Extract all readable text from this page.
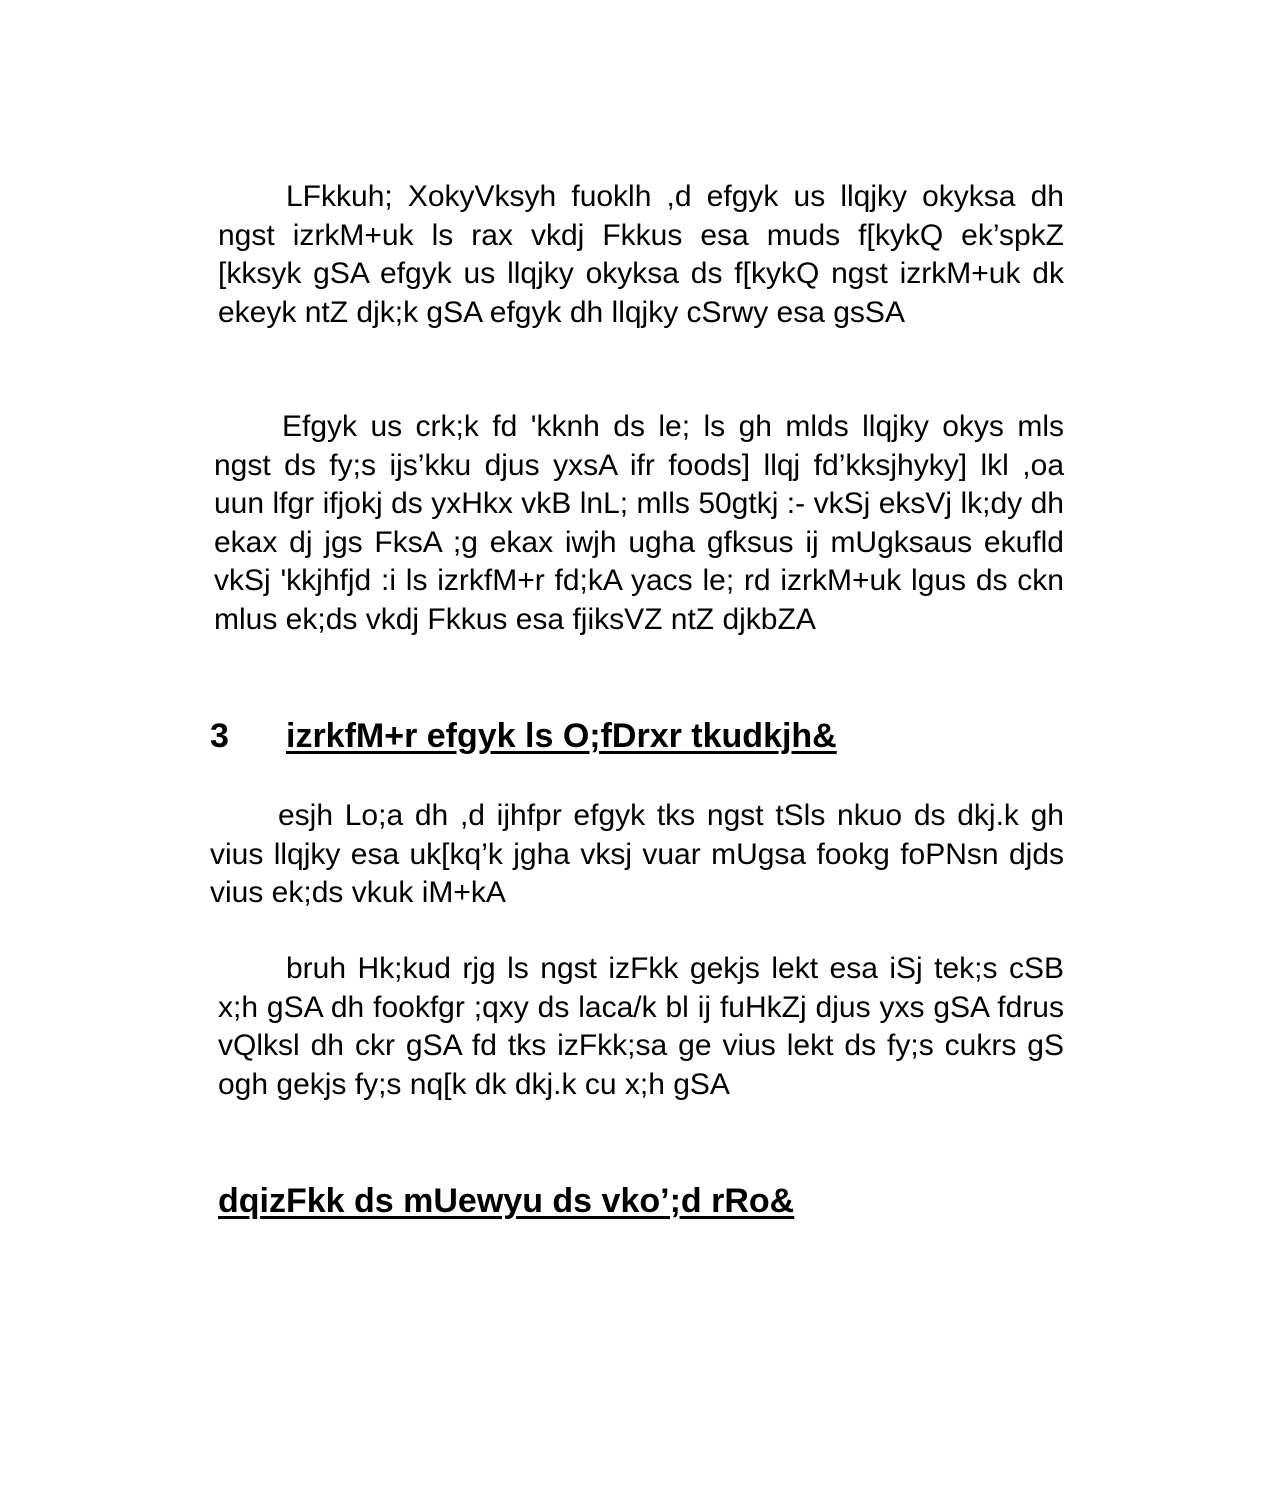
LFkkuh; XokyVksyh fuoklh ,d efgyk us llqjky okyksa dh ngst izrkM+uk ls rax vkdj Fkkus esa muds f[kykQ ek’spkZ [kksyk gSA efgyk us llqjky okyksa ds f[kykQ ngst izrkM+uk dk ekeyk ntZ djk;k gSA efgyk dh llqjky cSrwy esa gsSA

Efgyk us crk;k fd 'kknh ds le; ls gh mlds llqjky okys mls ngst ds fy;s ijs’kku djus yxsA ifr foods] llqj fd’kksjhyky] lkl ,oa uun lfgr ifjokj ds yxHkx vkB lnL; mlls 50gtkj :- vkSj eksVj lk;dy dh ekax dj jgs FksA ;g ekax iwjh ugha gfksus ij mUgksaus ekufld vkSj 'kkjhfjd :i ls izrkfM+r fd;kA yacs le; rd izrkM+uk lgus ds ckn mlus ek;ds vkdj Fkkus esa fjiksVZ ntZ djkbZA

3 izrkfM+r efgyk ls O;fDrxr tkudkjh&

esjh Lo;a dh ,d ijhfpr efgyk tks ngst tSls nkuo ds dkj.k gh vius llqjky esa uk[kq’k jgha vksj vuar mUgsa fookg foPNsn djds vius ek;ds vkuk iM+kA

bruh Hk;kud rjg ls ngst izFkk gekjs lekt esa iSj tek;s cSB x;h gSA dh fookfgr ;qxy ds laca/k bl ij fuHkZj djus yxs gSA fdrus vQlksl dh ckr gSA fd tks izFkk;sa ge vius lekt ds fy;s cukrs gS ogh gekjs fy;s nq[k dk dkj.k cu x;h gSA

dqizFkk ds mUewyu ds vko’;d rRo&
